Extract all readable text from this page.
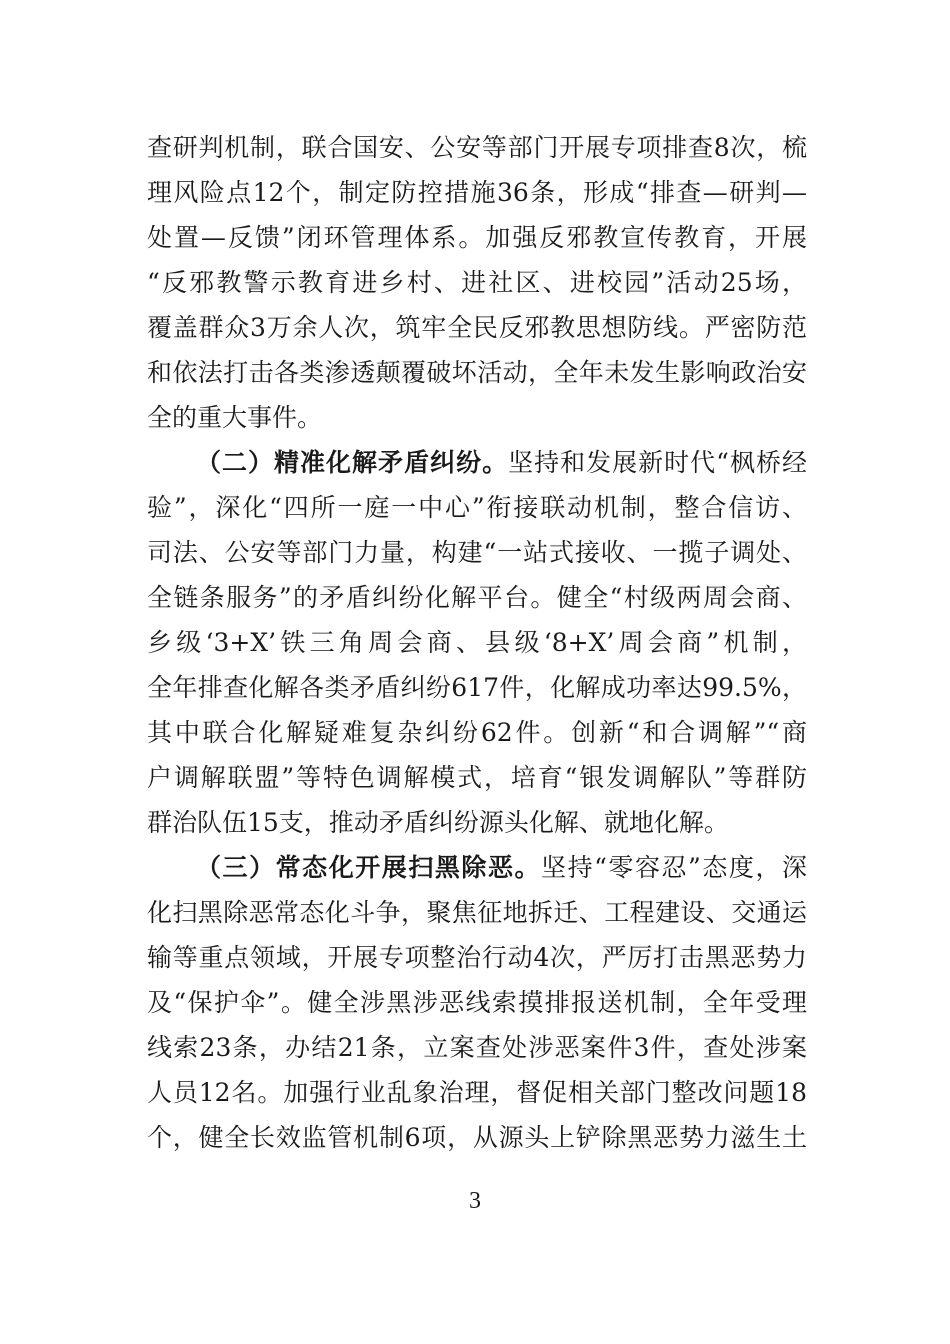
查研判机制，联合国安、公安等部门开展专项排查8次，梳
理风险点12个，制定防控措施36条，形成“排查—研判—
处置—反馈”闭环管理体系。加强反邪教宣传教育，开展
“反邪教警示教育进乡村、进社区、进校园”活动25场，
覆盖群众3万余人次，筑牢全民反邪教思想防线。严密防范
和依法打击各类渗透颠覆破坏活动，全年未发生影响政治安
全的重大事件。
（二）精准化解矛盾纠纷。坚持和发展新时代“枫桥经
验”，深化“四所一庭一中心”衔接联动机制，整合信访、
司法、公安等部门力量，构建“一站式接收、一揽子调处、
全链条服务”的矛盾纠纷化解平台。健全“村级两周会商、
乡级‘3+X’铁三角周会商、县级‘8+X’周会商”机制，
全年排查化解各类矛盾纠纷617件，化解成功率达99.5%，
其中联合化解疑难复杂纠纷62件。创新“和合调解”“商
户调解联盟”等特色调解模式，培育“银发调解队”等群防
群治队伍15支，推动矛盾纠纷源头化解、就地化解。
（三）常态化开展扫黑除恶。坚持“零容忍”态度，深
化扫黑除恶常态化斗争，聚焦征地拆迁、工程建设、交通运
输等重点领域，开展专项整治行动4次，严厉打击黑恶势力
及“保护伞”。健全涉黑涉恶线索摸排报送机制，全年受理
线索23条，办结21条，立案查处涉恶案件3件，查处涉案
人员12名。加强行业乱象治理，督促相关部门整改问题18
个，健全长效监管机制6项，从源头上铲除黑恶势力滋生土
3
